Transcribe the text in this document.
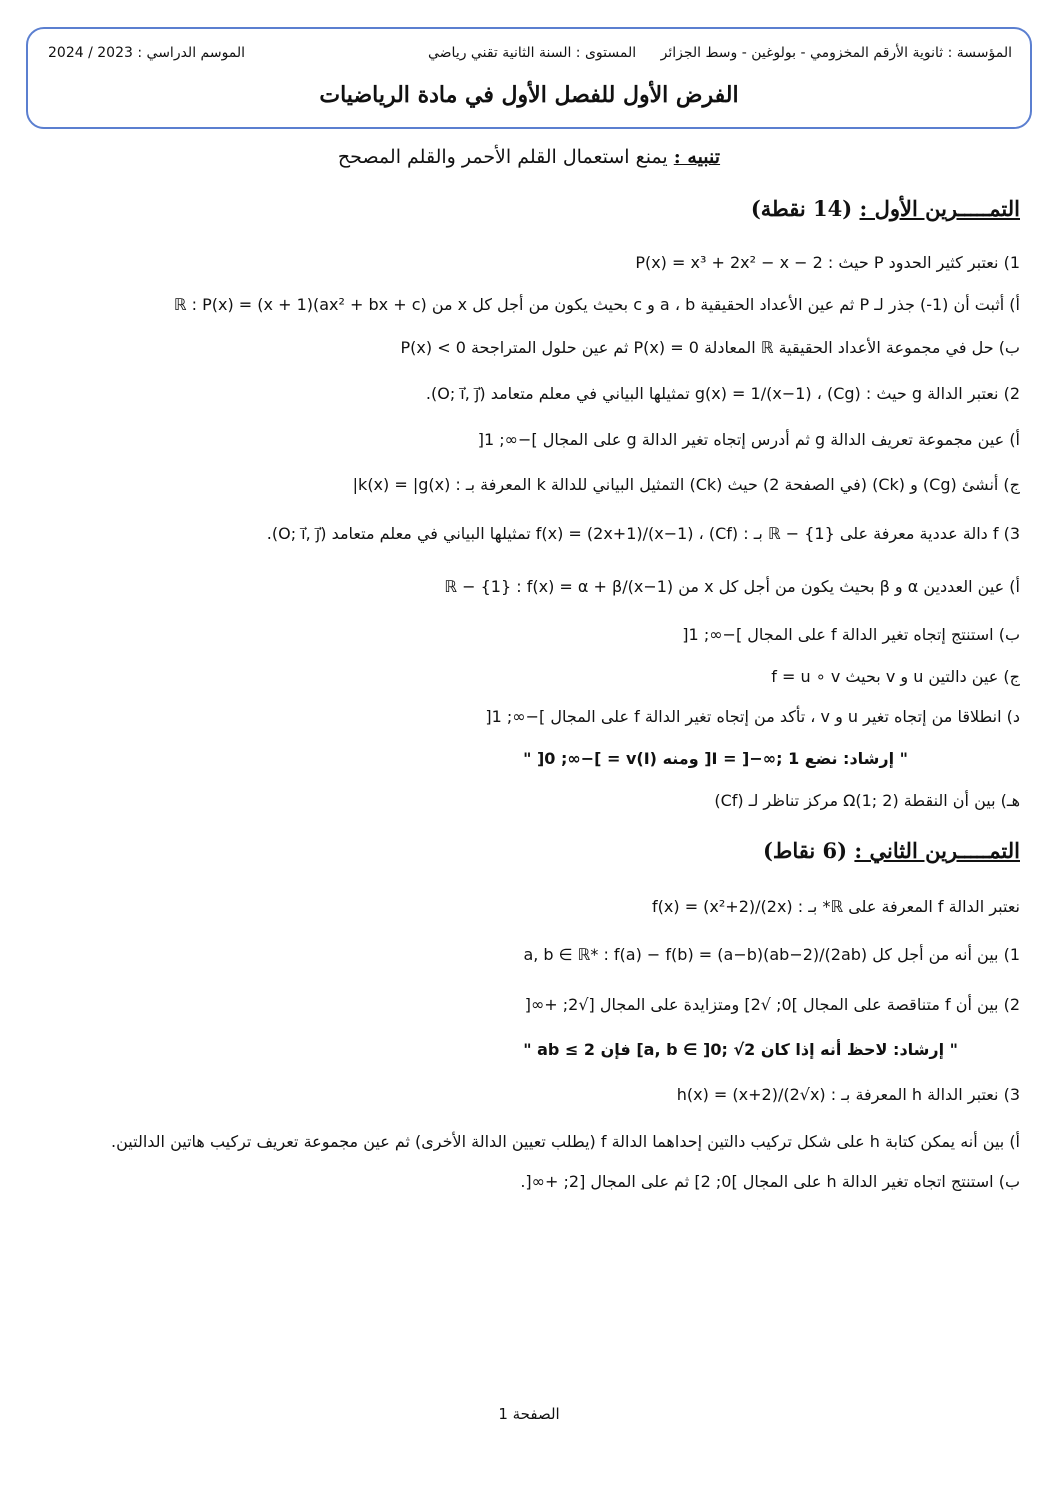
المؤسسة : ثانوية الأرقم المخزومي - بولوغين - وسط الجزائر
المستوى : السنة الثانية تقني رياضي
الموسم الدراسي : 2023 / 2024
الفرض الأول للفصل الأول في مادة الرياضيات
تنبيه : يمنع استعمال القلم الأحمر والقلم المصحح
التمـــــرين الأول : (14 نقطة)
1) نعتبر كثير الحدود P حيث : P(x) = x³ + 2x² − x − 2
أ) أثبت أن (1-) جذر لـ P ثم عين الأعداد الحقيقية a ، b و c بحيث يكون من أجل كل x من ℝ : P(x) = (x + 1)(ax² + bx + c)
ب) حل في مجموعة الأعداد الحقيقية ℝ المعادلة P(x) = 0 ثم عين حلول المتراجحة P(x) < 0
2) نعتبر الدالة g حيث : g(x) = 1/(x−1) ، (Cg) تمثيلها البياني في معلم متعامد (O; i⃗, j⃗).
أ) عين مجموعة تعريف الدالة g ثم أدرس إتجاه تغير الدالة g على المجال ]−∞; 1[
ج) أنشئ (Cg) و (Ck) (في الصفحة 2) حيث (Ck) التمثيل البياني للدالة k المعرفة بـ : k(x) = |g(x)|
3) f دالة عددية معرفة على ℝ − {1} بـ : f(x) = (2x+1)/(x−1) ، (Cf) تمثيلها البياني في معلم متعامد (O; i⃗, j⃗).
أ) عين العددين α و β بحيث يكون من أجل كل x من ℝ − {1} : f(x) = α + β/(x−1)
ب) استنتج إتجاه تغير الدالة f على المجال ]−∞; 1[
ج) عين دالتين u و v بحيث f = u ∘ v
د) انطلاقا من إتجاه تغير u و v ، تأكد من إتجاه تغير الدالة f على المجال ]−∞; 1[
" إرشاد: نضع I = ]−∞; 1[ ومنه v(I) = ]−∞; 0[ "
هـ) بين أن النقطة Ω(1; 2) مركز تناظر لـ (Cf)
التمـــــرين الثاني : (6 نقاط)
نعتبر الدالة f المعرفة على ℝ* بـ : f(x) = (x²+2)/(2x)
1) بين أنه من أجل كل a, b ∈ ℝ* : f(a) − f(b) = (a−b)(ab−2)/(2ab)
2) بين أن f متناقصة على المجال ]0; √2] ومتزايدة على المجال [√2; +∞[
" إرشاد: لاحظ أنه إذا كان a, b ∈ ]0; √2] فإن ab ≤ 2 "
3) نعتبر الدالة h المعرفة بـ : h(x) = (x+2)/(2√x)
أ) بين أنه يمكن كتابة h على شكل تركيب دالتين إحداهما الدالة f (يطلب تعيين الدالة الأخرى) ثم عين مجموعة تعريف تركيب هاتين الدالتين.
ب) استنتج اتجاه تغير الدالة h على المجال ]0; 2] ثم على المجال [2; +∞[.
الصفحة 1
